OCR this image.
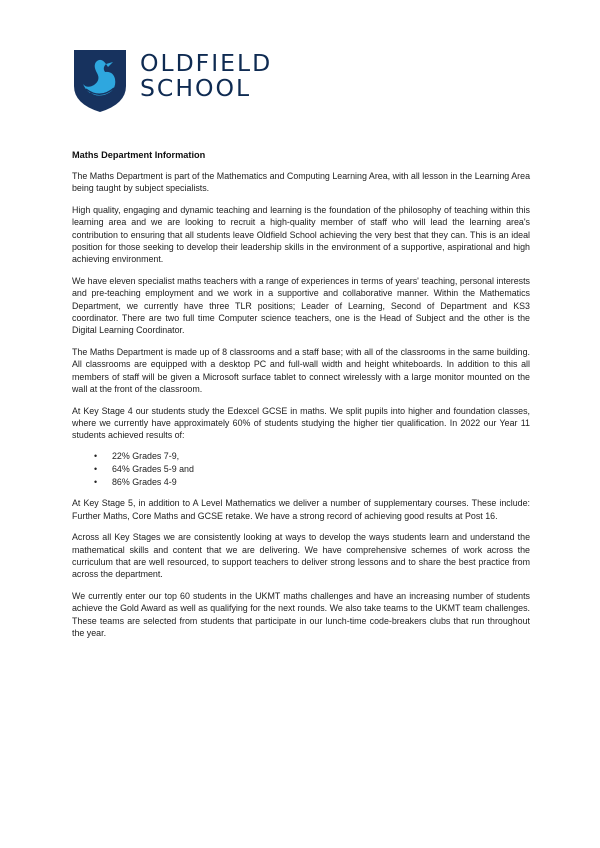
OLDFIELD
SCHOOL
Maths Department Information

The Maths Department is part of the Mathematics and Computing Learning Area, with all lesson in the Learning Area being taught by subject specialists.

High quality, engaging and dynamic teaching and learning is the foundation of the philosophy of teaching within this learning area and we are looking to recruit a high-quality member of staff who will lead the learning area's contribution to ensuring that all students leave Oldfield School achieving the very best that they can. This is an ideal position for those seeking to develop their leadership skills in the environment of a supportive, aspirational and high achieving environment.

We have eleven specialist maths teachers with a range of experiences in terms of years' teaching, personal interests and pre-teaching employment and we work in a supportive and collaborative manner. Within the Mathematics Department, we currently have three TLR positions; Leader of Learning, Second of Department and KS3 coordinator. There are two full time Computer science teachers, one is the Head of Subject and the other is the Digital Learning Coordinator.

The Maths Department is made up of 8 classrooms and a staff base; with all of the classrooms in the same building. All classrooms are equipped with a desktop PC and full-wall width and height whiteboards. In addition to this all members of staff will be given a Microsoft surface tablet to connect wirelessly with a large monitor mounted on the wall at the front of the classroom.

At Key Stage 4 our students study the Edexcel GCSE in maths. We split pupils into higher and foundation classes, where we currently have approximately 60% of students studying the higher tier qualification. In 2022 our Year 11 students achieved results of:

• 22% Grades 7-9,
• 64% Grades 5-9 and
• 86% Grades 4-9

At Key Stage 5, in addition to A Level Mathematics we deliver a number of supplementary courses. These include: Further Maths, Core Maths and GCSE retake. We have a strong record of achieving good results at Post 16.

Across all Key Stages we are consistently looking at ways to develop the ways students learn and understand the mathematical skills and content that we are delivering. We have comprehensive schemes of work across the curriculum that are well resourced, to support teachers to deliver strong lessons and to share the best practice from across the department.

We currently enter our top 60 students in the UKMT maths challenges and have an increasing number of students achieve the Gold Award as well as qualifying for the next rounds. We also take teams to the UKMT team challenges. These teams are selected from students that participate in our lunch-time code-breakers clubs that run throughout the year.
